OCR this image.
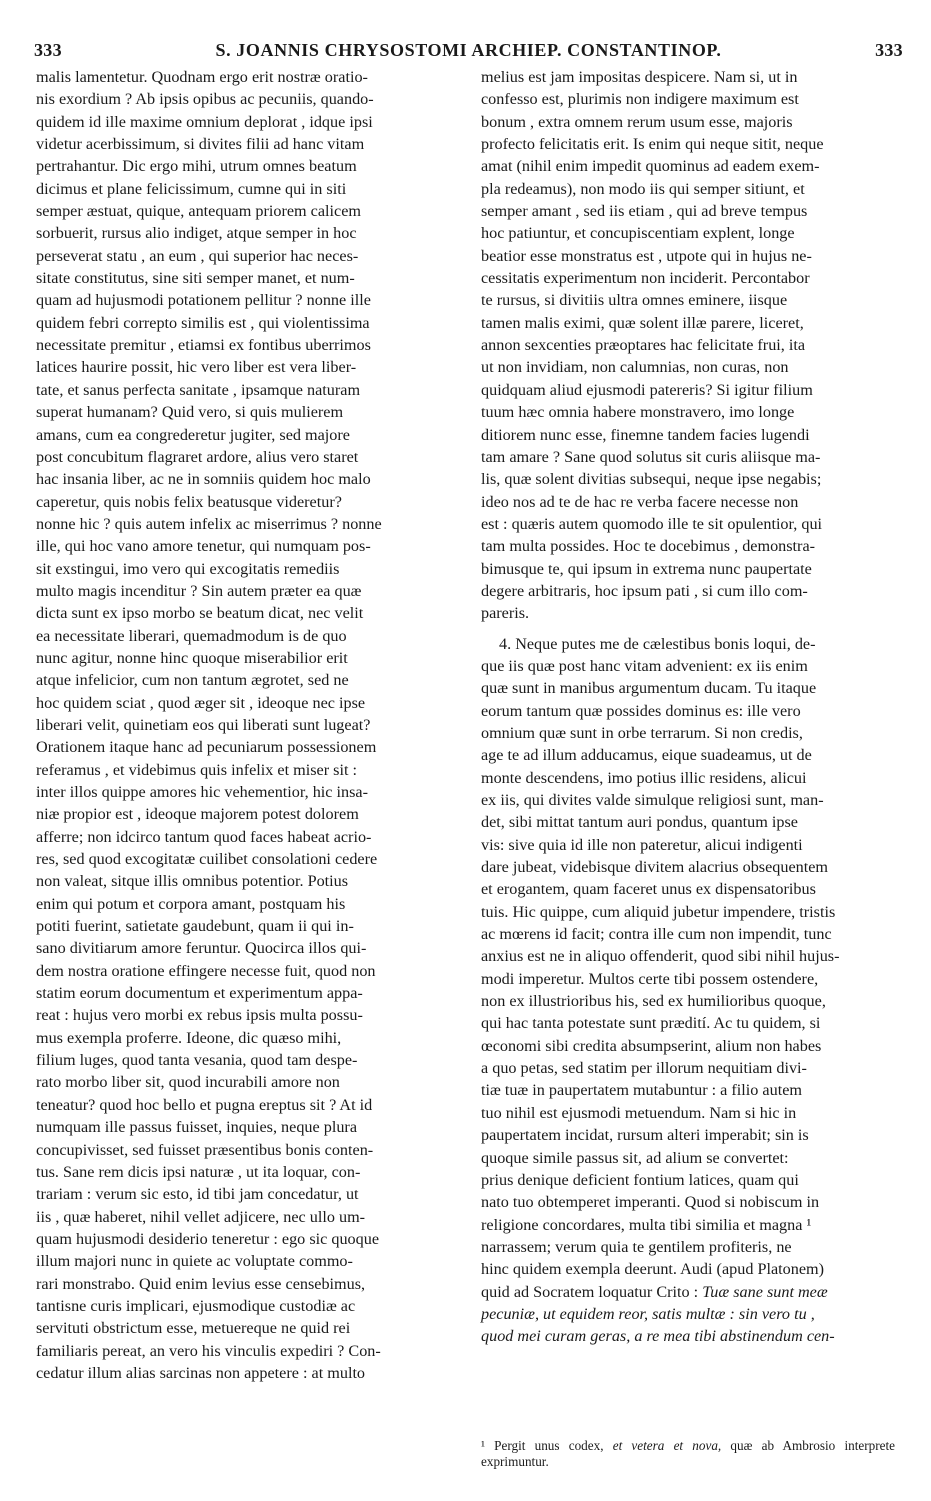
333	S. JOANNIS CHRYSOSTOMI ARCHIEP. CONSTANTINOP.	333

malis lamentetur. Quodnam ergo erit nostræ oratio-

nis exordium ? Ab ipsis opibus ac pecuniis, quando-

quidem id ille maxime omnium deplorat , idque ipsi

videtur acerbissimum, si divites filii ad hanc vitam

pertrahantur. Dic ergo mihi, utrum omnes beatum

dicimus et plane felicissimum, cumne qui in siti

semper æstuat, quique, antequam priorem calicem

sorbuerit, rursus alio indiget, atque semper in hoc

perseverat statu , an eum , qui superior hac neces-

sitate constitutus, sine siti semper manet, et num-

quam ad hujusmodi potationem pellitur ? nonne ille

quidem febri correpto similis est , qui violentissima

necessitate premitur , etiamsi ex fontibus uberrimos

latices haurire possit, hic vero liber est vera liber-

tate, et sanus perfecta sanitate , ipsamque naturam

superat humanam? Quid vero, si quis mulierem

amans, cum ea congrederetur jugiter, sed majore

post concubitum flagraret ardore, alius vero staret

hac insania liber, ac ne in somniis quidem hoc malo

caperetur, quis nobis felix beatusque videretur?

nonne hic ? quis autem infelix ac miserrimus ? nonne

ille, qui hoc vano amore tenetur, qui numquam pos-

sit exstingui, imo vero qui excogitatis remediis

multo magis incenditur ? Sin autem præter ea quæ

dicta sunt ex ipso morbo se beatum dicat, nec velit

ea necessitate liberari, quemadmodum is de quo

nunc agitur, nonne hinc quoque miserabilior erit

atque infelicior, cum non tantum ægrotet, sed ne

hoc quidem sciat , quod æger sit , ideoque nec ipse

liberari velit, quinetiam eos qui liberati sunt lugeat?

Orationem itaque hanc ad pecuniarum possessionem

referamus , et videbimus quis infelix et miser sit :

inter illos quippe amores hic vehementior, hic insa-

niæ propior est , ideoque majorem potest dolorem

afferre; non idcirco tantum quod faces habeat acrio-

res, sed quod excogitatæ cuilibet consolationi cedere

non valeat, sitque illis omnibus potentior. Potius

enim qui potum et corpora amant, postquam his

potiti fuerint, satietate gaudebunt, quam ii qui in-

sano divitiarum amore feruntur. Quocirca illos qui-

dem nostra oratione effingere necesse fuit, quod non

statim eorum documentum et experimentum appa-

reat : hujus vero morbi ex rebus ipsis multa possu-

mus exempla proferre. Ideone, dic quæso mihi,

filium luges, quod tanta vesania, quod tam despe-

rato morbo liber sit, quod incurabili amore non

teneatur? quod hoc bello et pugna ereptus sit ? At id

numquam ille passus fuisset, inquies, neque plura

concupivisset, sed fuisset præsentibus bonis conten-

tus. Sane rem dicis ipsi naturæ , ut ita loquar, con-

trariam : verum sic esto, id tibi jam concedatur, ut

iis , quæ haberet, nihil vellet adjicere, nec ullo um-

quam hujusmodi desiderio teneretur : ego sic quoque

illum majori nunc in quiete ac voluptate commo-

rari monstrabo. Quid enim levius esse censebimus,

tantisne curis implicari, ejusmodique custodiæ ac

servituti obstrictum esse, metuereque ne quid rei

familiaris pereat, an vero his vinculis expediri ? Con-

cedatur illum alias sarcinas non appetere : at multo

melius est jam impositas despicere. Nam si, ut in

confesso est, plurimis non indigere maximum est

bonum , extra omnem rerum usum esse, majoris

profecto felicitatis erit. Is enim qui neque sitit, neque

amat (nihil enim impedit quominus ad eadem exem-

pla redeamus), non modo iis qui semper sitiunt, et

semper amant , sed iis etiam , qui ad breve tempus

hoc patiuntur, et concupiscentiam explent, longe

beatior esse monstratus est , utpote qui in hujus ne-

cessitatis experimentum non inciderit. Percontabor

te rursus, si divitiis ultra omnes eminere, iisque

tamen malis eximi, quæ solent illæ parere, liceret,

annon sexcenties præoptares hac felicitate frui, ita

ut non invidiam, non calumnias, non curas, non

quidquam aliud ejusmodi patereris? Si igitur filium

tuum hæc omnia habere monstravero, imo longe

ditiorem nunc esse, finemne tandem facies lugendi

tam amare ? Sane quod solutus sit curis aliisque ma-

lis, quæ solent divitias subsequi, neque ipse negabis;

ideo nos ad te de hac re verba facere necesse non

est : quæris autem quomodo ille te sit opulentior, qui

tam multa possides. Hoc te docebimus , demonstra-

bimusque te, qui ipsum in extrema nunc paupertate

degere arbitraris, hoc ipsum pati , si cum illo com-

pareris.

4. Neque putes me de cælestibus bonis loqui, de-

que iis quæ post hanc vitam advenient: ex iis enim

quæ sunt in manibus argumentum ducam. Tu itaque

eorum tantum quæ possides dominus es: ille vero

omnium quæ sunt in orbe terrarum. Si non credis,

age te ad illum adducamus, eique suadeamus, ut de

monte descendens, imo potius illic residens, alicui

ex iis, qui divites valde simulque religiosi sunt, man-

det, sibi mittat tantum auri pondus, quantum ipse

vis: sive quia id ille non pateretur, alicui indigenti

dare jubeat, videbisque divitem alacrius obsequentem

et erogantem, quam faceret unus ex dispensatoribus

tuis. Hic quippe, cum aliquid jubetur impendere, tristis

ac mœrens id facit; contra ille cum non impendit, tunc

anxius est ne in aliquo offenderit, quod sibi nihil hujus-

modi imperetur. Multos certe tibi possem ostendere,

non ex illustrioribus his, sed ex humilioribus quoque,

qui hac tanta potestate sunt prædití. Ac tu quidem, si

œconomi sibi credita absumpserint, alium non habes

a quo petas, sed statim per illorum nequitiam divi-

tiæ tuæ in paupertatem mutabuntur : a filio autem

tuo nihil est ejusmodi metuendum. Nam si hic in

paupertatem incidat, rursum alteri imperabit; sin is

quoque simile passus sit, ad alium se convertet:

prius denique deficient fontium latices, quam qui

nato tuo obtemperet imperanti. Quod si nobiscum in

religione concordares, multa tibi similia et magna ¹

narrassem; verum quia te gentilem profiteris, ne

hinc quidem exempla deerunt. Audi (apud Platonem)

quid ad Socratem loquatur Crito : Tuæ sane sunt meæ

pecuniæ, ut equidem reor, satis multæ : sin vero tu ,

quod mei curam geras, a re mea tibi abstinendum cen-

¹ Pergit unus codex, et vetera et nova, quæ ab Ambrosio interprete exprimuntur.
